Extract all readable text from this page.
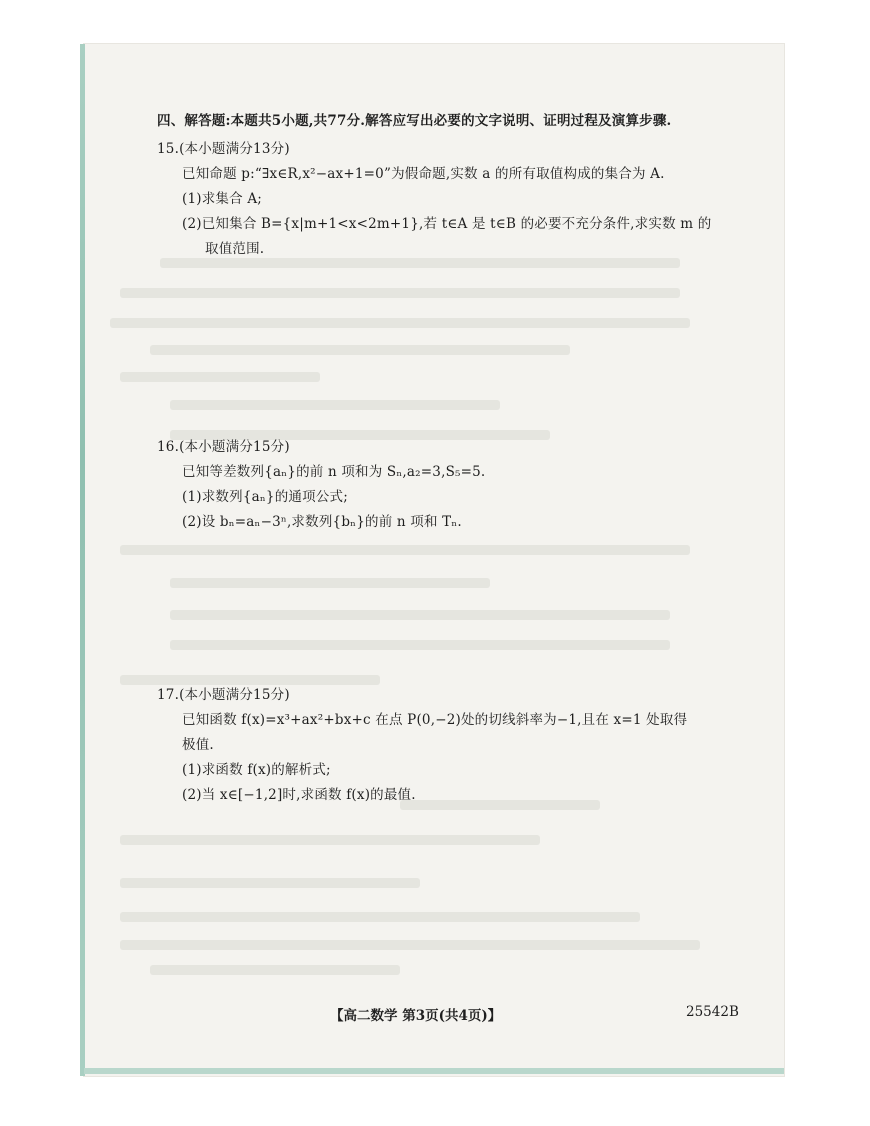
四、解答题:本题共5小题,共77分.解答应写出必要的文字说明、证明过程及演算步骤.
15.(本小题满分13分)
已知命题 p:“∃x∈R,x²−ax+1=0”为假命题,实数 a 的所有取值构成的集合为 A.
(1)求集合 A;
(2)已知集合 B={x|m+1<x<2m+1},若 t∈A 是 t∈B 的必要不充分条件,求实数 m 的
取值范围.
16.(本小题满分15分)
已知等差数列{aₙ}的前 n 项和为 Sₙ,a₂=3,S₅=5.
(1)求数列{aₙ}的通项公式;
(2)设 bₙ=aₙ−3ⁿ,求数列{bₙ}的前 n 项和 Tₙ.
17.(本小题满分15分)
已知函数 f(x)=x³+ax²+bx+c 在点 P(0,−2)处的切线斜率为−1,且在 x=1 处取得
极值.
(1)求函数 f(x)的解析式;
(2)当 x∈[−1,2]时,求函数 f(x)的最值.
【高二数学 第3页(共4页)】	25542B
